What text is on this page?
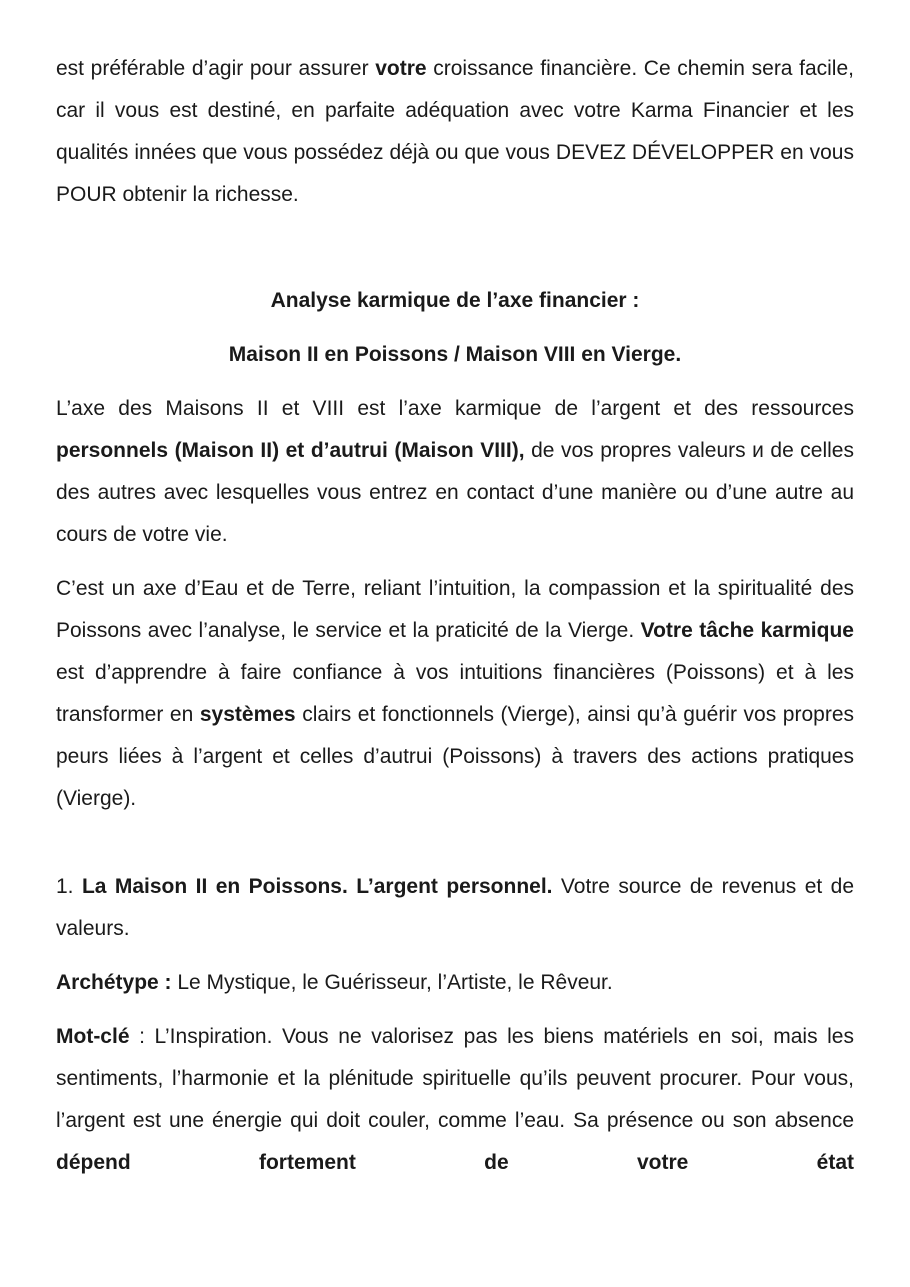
est préférable d’agir pour assurer votre croissance financière. Ce chemin sera facile, car il vous est destiné, en parfaite adéquation avec votre Karma Financier et les qualités innées que vous possédez déjà ou que vous DEVEZ DÉVELOPPER en vous POUR obtenir la richesse.

Analyse karmique de l’axe financier :

Maison II en Poissons / Maison VIII en Vierge.

L’axe des Maisons II et VIII est l’axe karmique de l’argent et des ressources personnels (Maison II) et d’autrui (Maison VIII), de vos propres valeurs и de celles des autres avec lesquelles vous entrez en contact d’une manière ou d’une autre au cours de votre vie.

C’est un axe d’Eau et de Terre, reliant l’intuition, la compassion et la spiritualité des Poissons avec l’analyse, le service et la praticité de la Vierge. Votre tâche karmique est d’apprendre à faire confiance à vos intuitions financières (Poissons) et à les transformer en systèmes clairs et fonctionnels (Vierge), ainsi qu’à guérir vos propres peurs liées à l’argent et celles d’autrui (Poissons) à travers des actions pratiques (Vierge).

1. La Maison II en Poissons. L’argent personnel. Votre source de revenus et de valeurs.

Archétype : Le Mystique, le Guérisseur, l’Artiste, le Rêveur.

Mot-clé : L’Inspiration. Vous ne valorisez pas les biens matériels en soi, mais les sentiments, l’harmonie et la plénitude spirituelle qu’ils peuvent procurer. Pour vous, l’argent est une énergie qui doit couler, comme l’eau. Sa présence ou son absence dépend fortement de votre état
